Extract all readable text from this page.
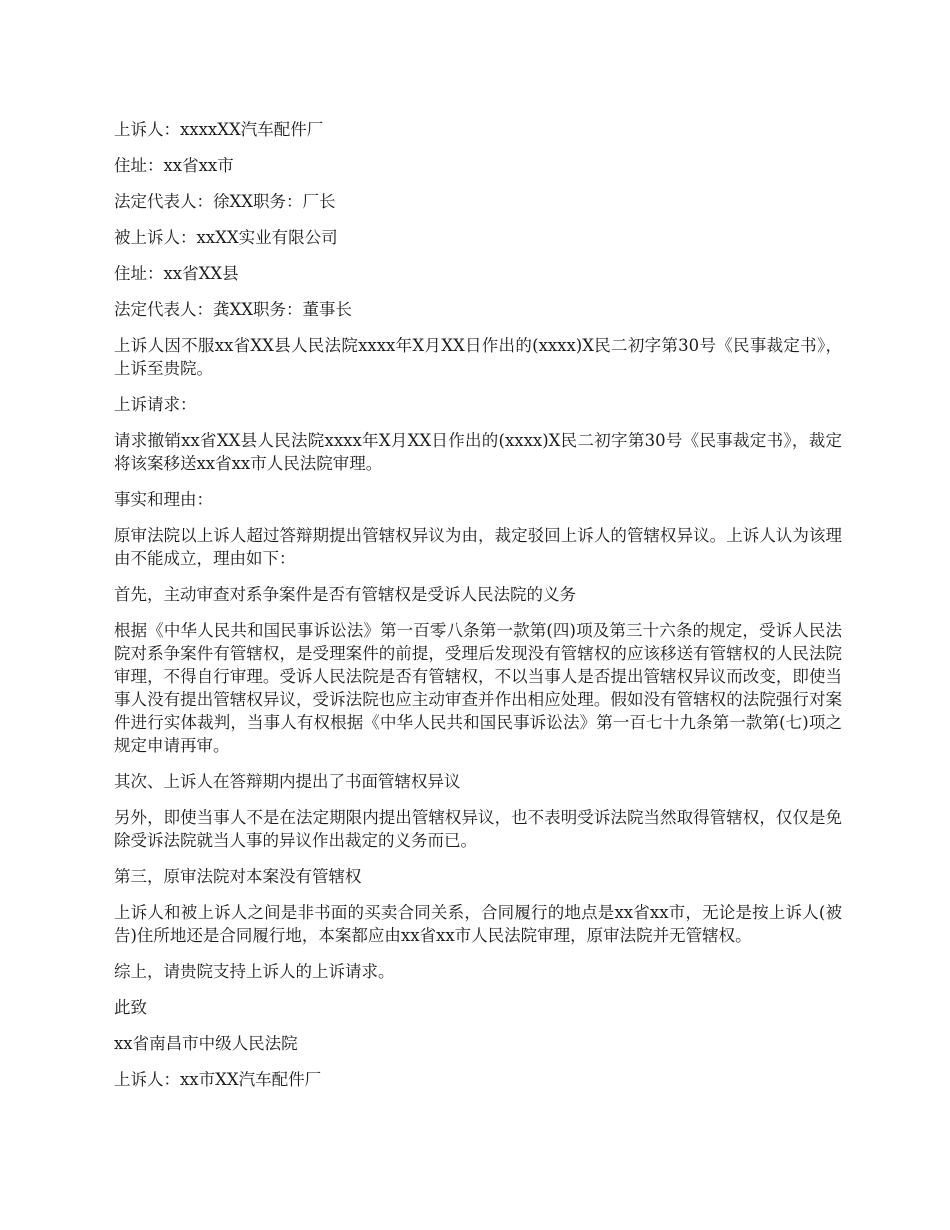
上诉人：xxxxXX汽车配件厂

住址：xx省xx市

法定代表人：徐XX职务：厂长

被上诉人：xxXX实业有限公司

住址：xx省XX县

法定代表人：龚XX职务：董事长

上诉人因不服xx省XX县人民法院xxxx年X月XX日作出的(xxxx)X民二初字第30号《民事裁定书》，上诉至贵院。

上诉请求：

请求撤销xx省XX县人民法院xxxx年X月XX日作出的(xxxx)X民二初字第30号《民事裁定书》，裁定将该案移送xx省xx市人民法院审理。

事实和理由：

原审法院以上诉人超过答辩期提出管辖权异议为由，裁定驳回上诉人的管辖权异议。上诉人认为该理由不能成立，理由如下：

首先，主动审查对系争案件是否有管辖权是受诉人民法院的义务

根据《中华人民共和国民事诉讼法》第一百零八条第一款第(四)项及第三十六条的规定，受诉人民法院对系争案件有管辖权，是受理案件的前提，受理后发现没有管辖权的应该移送有管辖权的人民法院审理，不得自行审理。受诉人民法院是否有管辖权，不以当事人是否提出管辖权异议而改变，即使当事人没有提出管辖权异议，受诉法院也应主动审查并作出相应处理。假如没有管辖权的法院强行对案件进行实体裁判，当事人有权根据《中华人民共和国民事诉讼法》第一百七十九条第一款第(七)项之规定申请再审。

其次、上诉人在答辩期内提出了书面管辖权异议

另外，即使当事人不是在法定期限内提出管辖权异议，也不表明受诉法院当然取得管辖权，仅仅是免除受诉法院就当人事的异议作出裁定的义务而已。

第三，原审法院对本案没有管辖权

上诉人和被上诉人之间是非书面的买卖合同关系，合同履行的地点是xx省xx市，无论是按上诉人(被告)住所地还是合同履行地，本案都应由xx省xx市人民法院审理，原审法院并无管辖权。

综上，请贵院支持上诉人的上诉请求。

此致

xx省南昌市中级人民法院

上诉人：xx市XX汽车配件厂
